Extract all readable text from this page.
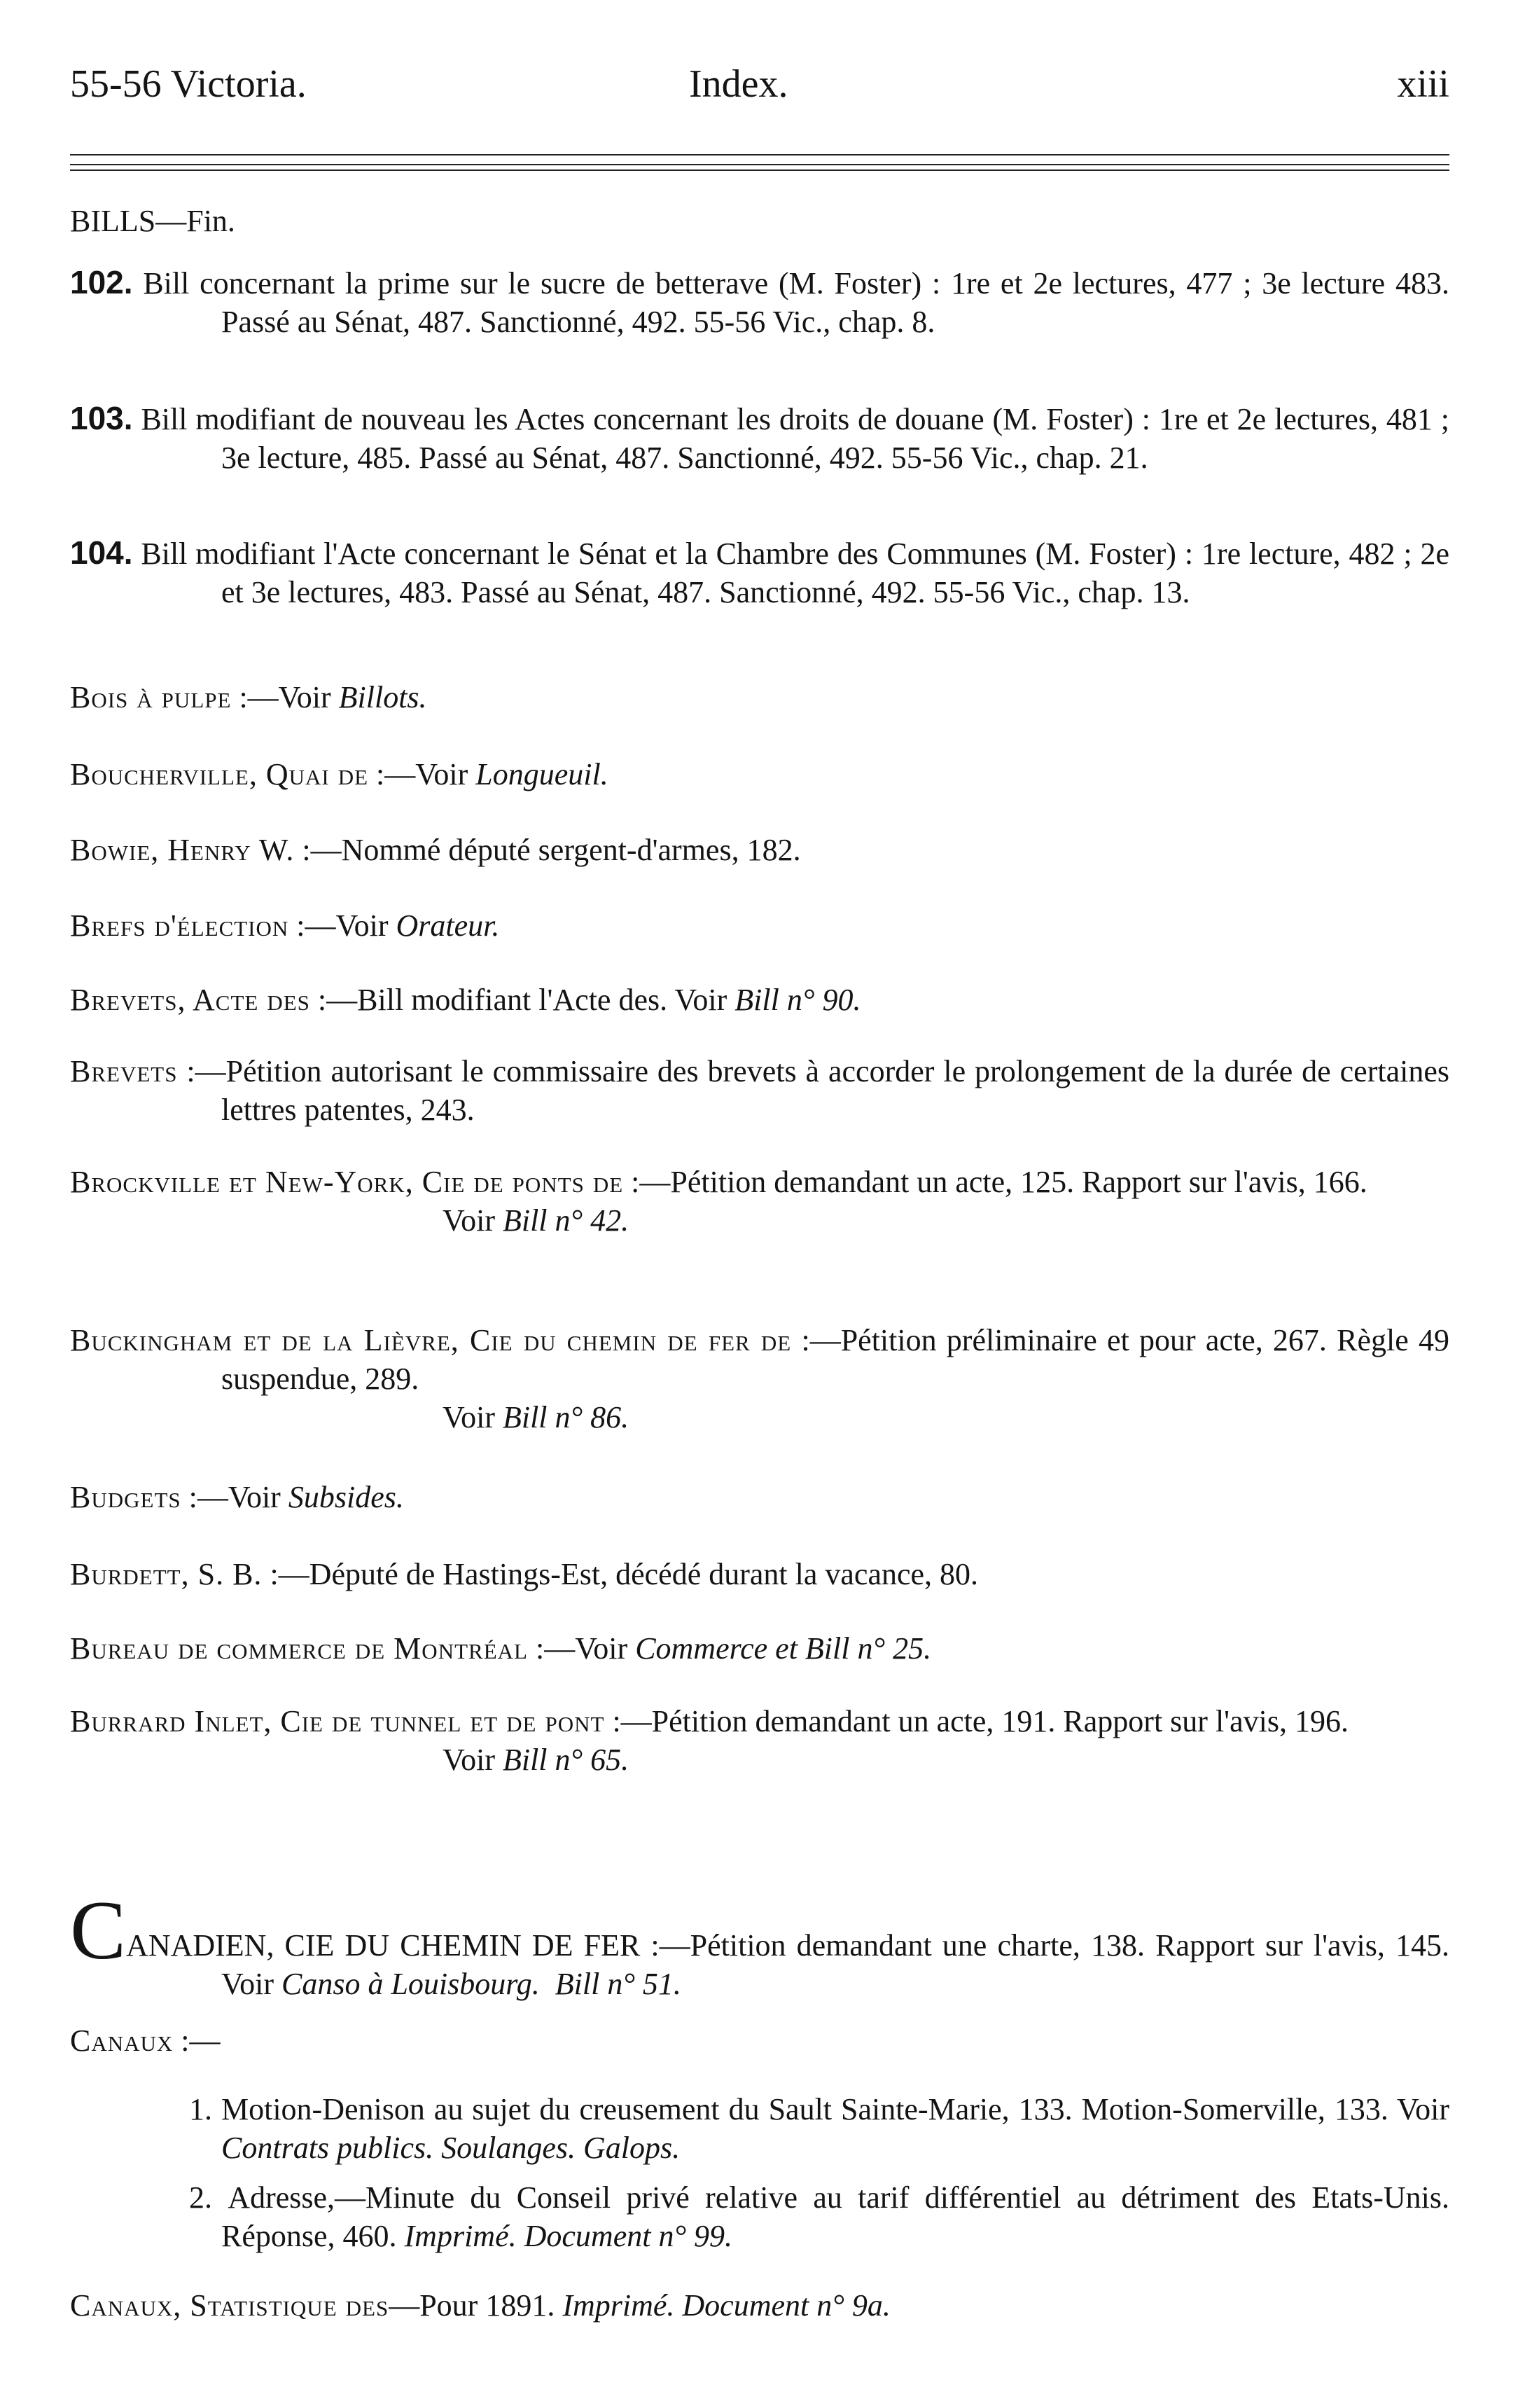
55-56 Victoria.	Index.	xiii
BILLS—Fin.
102. Bill concernant la prime sur le sucre de betterave (M. Foster) : 1re et 2e lectures, 477 ; 3e lecture 483. Passé au Sénat, 487. Sanctionné, 492. 55-56 Vic., chap. 8.
103. Bill modifiant de nouveau les Actes concernant les droits de douane (M. Foster) : 1re et 2e lectures, 481 ; 3e lecture, 485. Passé au Sénat, 487. Sanctionné, 492. 55-56 Vic., chap. 21.
104. Bill modifiant l'Acte concernant le Sénat et la Chambre des Communes (M. Foster) : 1re lecture, 482 ; 2e et 3e lectures, 483. Passé au Sénat, 487. Sanctionné, 492. 55-56 Vic., chap. 13.
Bois à pulpe :—Voir Billots.
Boucherville, Quai de :—Voir Longueuil.
Bowie, Henry W. :—Nommé député sergent-d'armes, 182.
Brefs d'élection :—Voir Orateur.
Brevets, Acte des :—Bill modifiant l'Acte des. Voir Bill n° 90.
Brevets :—Pétition autorisant le commissaire des brevets à accorder le prolongement de la durée de certaines lettres patentes, 243.
Brockville et New-York, Cie de ponts de :—Pétition demandant un acte, 125. Rapport sur l'avis, 166.
Voir Bill n° 42.
Buckingham et de la Lièvre, Cie du chemin de fer de :—Pétition préliminaire et pour acte, 267. Règle 49 suspendue, 289.
Voir Bill n° 86.
Budgets :—Voir Subsides.
Burdett, S. B. :—Député de Hastings-Est, décédé durant la vacance, 80.
Bureau de commerce de Montréal :—Voir Commerce et Bill n° 25.
Burrard Inlet, Cie de tunnel et de pont :—Pétition demandant un acte, 191. Rapport sur l'avis, 196.
Voir Bill n° 65.
CANADIEN, CIE DU CHEMIN DE FER :—Pétition demandant une charte, 138. Rapport sur l'avis, 145. Voir Canso à Louisbourg. Bill n° 51.
Canaux :—
1. Motion-Denison au sujet du creusement du Sault Sainte-Marie, 133. Motion-Somerville, 133. Voir Contrats publics. Soulanges. Galops.
2. Adresse,—Minute du Conseil privé relative au tarif différentiel au détriment des Etats-Unis. Réponse, 460. Imprimé. Document n° 99.
Canaux, Statistique des—Pour 1891. Imprimé. Document n° 9a.
